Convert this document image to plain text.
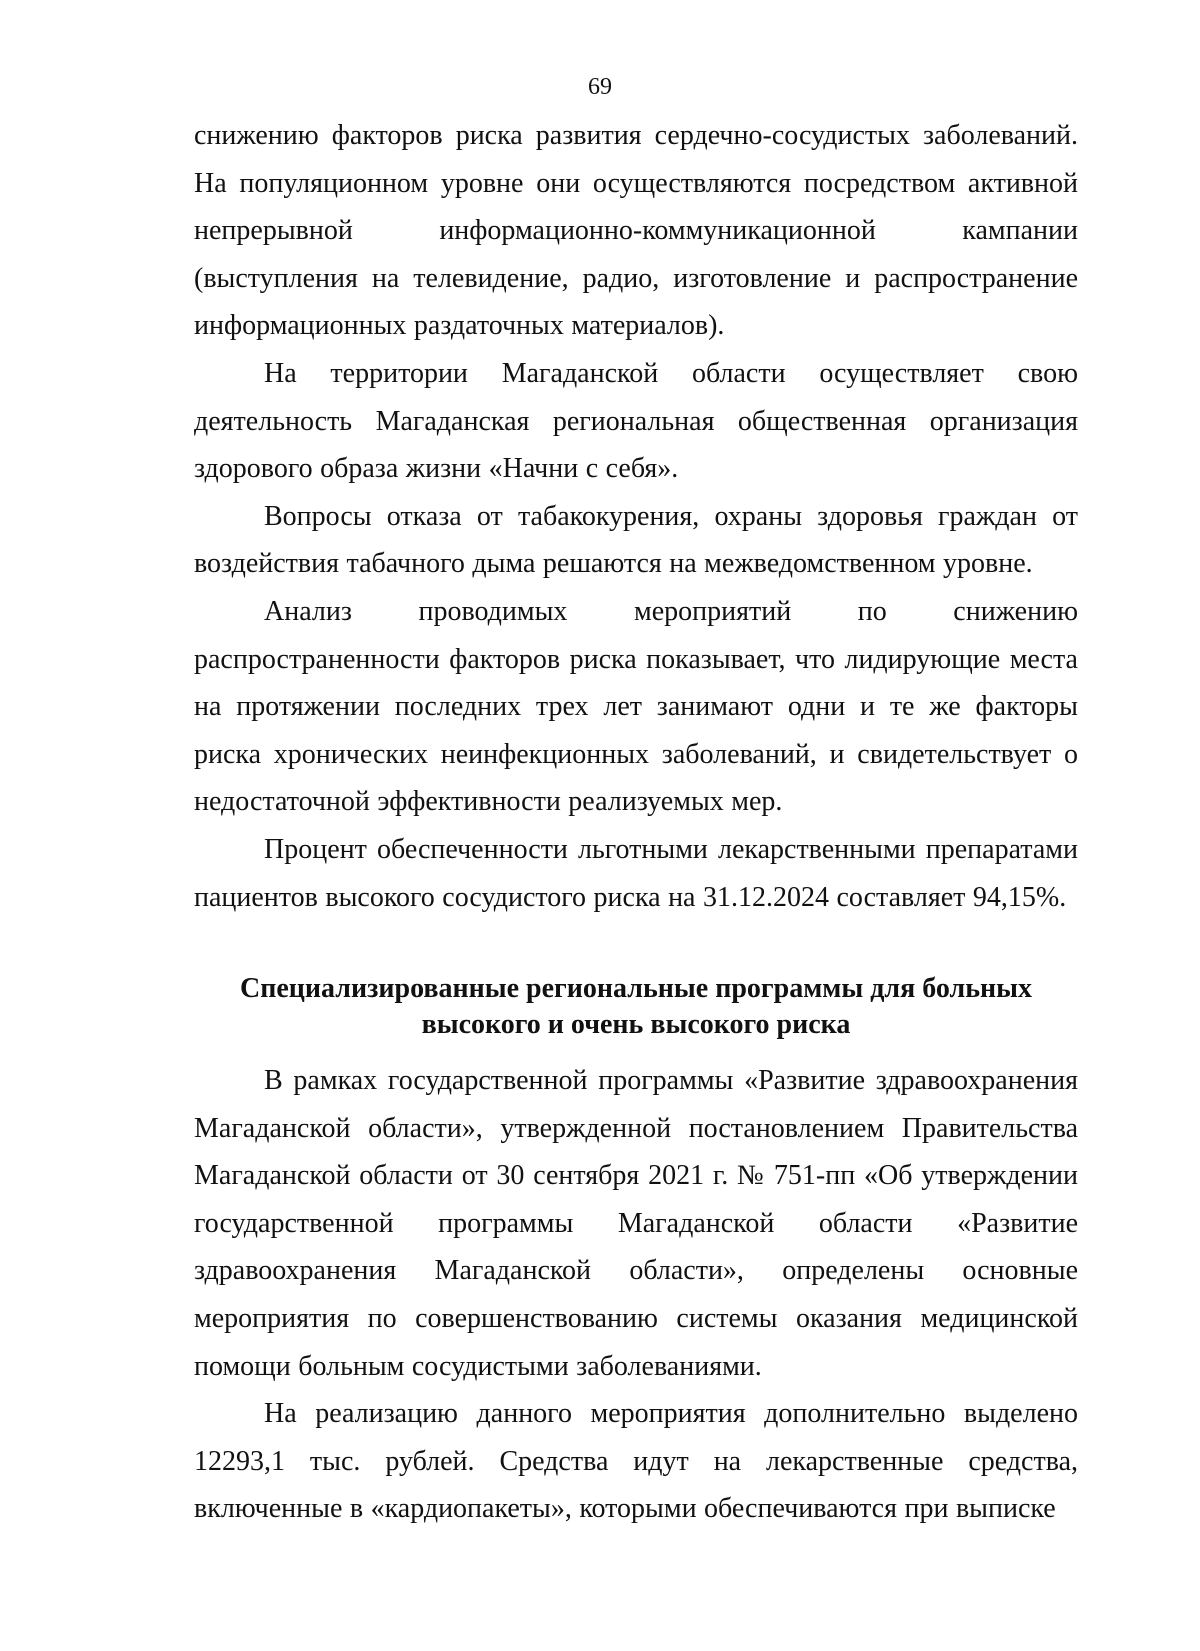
69

снижению факторов риска развития сердечно-сосудистых заболеваний. На популяционном уровне они осуществляются посредством активной непрерывной информационно-коммуникационной кампании (выступления на телевидение, радио, изготовление и распространение информационных раздаточных материалов).

На территории Магаданской области осуществляет свою деятельность Магаданская региональная общественная организация здорового образа жизни «Начни с себя».

Вопросы отказа от табакокурения, охраны здоровья граждан от воздействия табачного дыма решаются на межведомственном уровне.

Анализ проводимых мероприятий по снижению распространенности факторов риска показывает, что лидирующие места на протяжении последних трех лет занимают одни и те же факторы риска хронических неинфекционных заболеваний, и свидетельствует о недостаточной эффективности реализуемых мер.

Процент обеспеченности льготными лекарственными препаратами пациентов высокого сосудистого риска на 31.12.2024 составляет 94,15%.

Специализированные региональные программы для больных
высокого и очень высокого риска

В рамках государственной программы «Развитие здравоохранения Магаданской области», утвержденной постановлением Правительства Магаданской области от 30 сентября 2021 г. № 751-пп «Об утверждении государственной программы Магаданской области «Развитие здравоохранения Магаданской области», определены основные мероприятия по совершенствованию системы оказания медицинской помощи больным сосудистыми заболеваниями.

На реализацию данного мероприятия дополнительно выделено 12293,1 тыс. рублей. Средства идут на лекарственные средства, включенные в «кардиопакеты», которыми обеспечиваются при выписке
